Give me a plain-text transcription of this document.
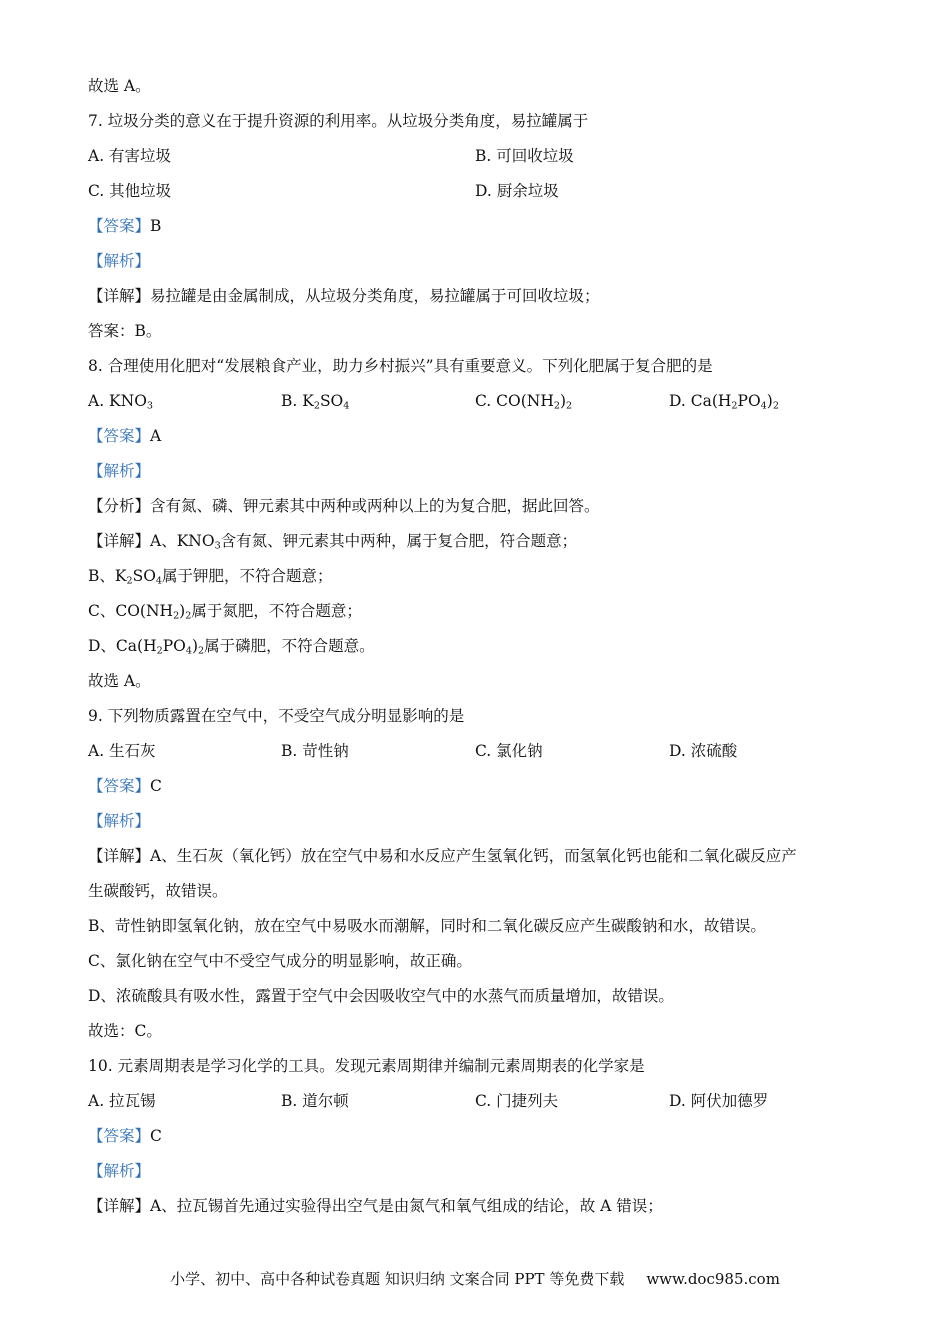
故选 A。
7. 垃圾分类的意义在于提升资源的利用率。从垃圾分类角度，易拉罐属于
A. 有害垃圾	B. 可回收垃圾
C. 其他垃圾	D. 厨余垃圾
【答案】B
【解析】
【详解】易拉罐是由金属制成，从垃圾分类角度，易拉罐属于可回收垃圾；
答案：B。
8. 合理使用化肥对“发展粮食产业，助力乡村振兴”具有重要意义。下列化肥属于复合肥的是
A. $KNO_3$	B. $K_2SO_4$	C. $CO(NH_2)_2$	D. $Ca(H_2PO_4)_2$
【答案】A
【解析】
【分析】含有氮、磷、钾元素其中两种或两种以上的为复合肥，据此回答。
【详解】A、$KNO_3$含有氮、钾元素其中两种，属于复合肥，符合题意；
B、$K_2SO_4$属于钾肥，不符合题意；
C、$CO(NH_2)_2$属于氮肥，不符合题意；
D、$Ca(H_2PO_4)_2$属于磷肥，不符合题意。
故选 A。
9. 下列物质露置在空气中，不受空气成分明显影响的是
A. 生石灰	B. 苛性钠	C. 氯化钠	D. 浓硫酸
【答案】C
【解析】
【详解】A、生石灰（氧化钙）放在空气中易和水反应产生氢氧化钙，而氢氧化钙也能和二氧化碳反应产
生碳酸钙，故错误。
B、苛性钠即氢氧化钠，放在空气中易吸水而潮解，同时和二氧化碳反应产生碳酸钠和水，故错误。
C、氯化钠在空气中不受空气成分的明显影响，故正确。
D、浓硫酸具有吸水性，露置于空气中会因吸收空气中的水蒸气而质量增加，故错误。
故选：C。
10. 元素周期表是学习化学的工具。发现元素周期律并编制元素周期表的化学家是
A. 拉瓦锡	B. 道尔顿	C. 门捷列夫	D. 阿伏加德罗
【答案】C
【解析】
【详解】A、拉瓦锡首先通过实验得出空气是由氮气和氧气组成的结论，故 A 错误；
小学、初中、高中各种试卷真题 知识归纳 文案合同 PPT 等免费下载 www.doc985.com
